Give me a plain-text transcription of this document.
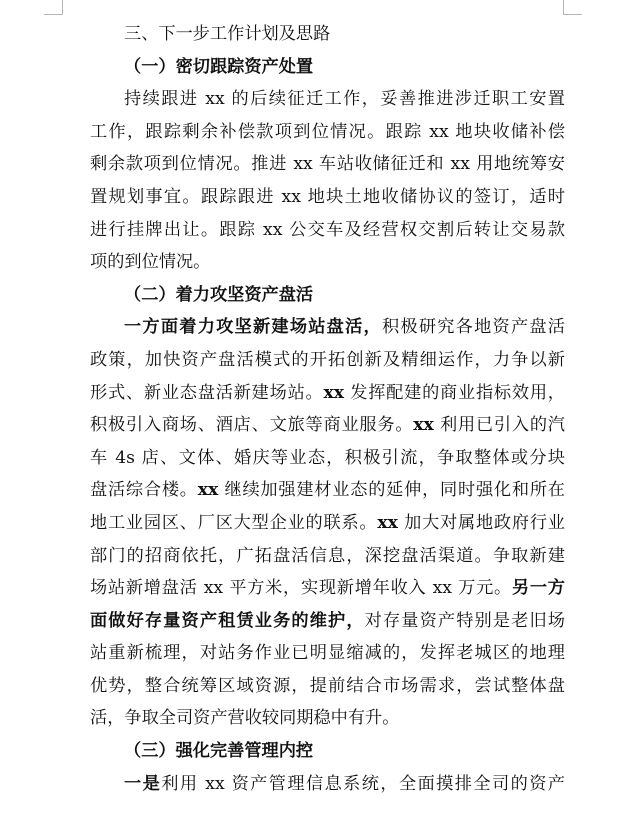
三、下一步工作计划及思路
（一）密切跟踪资产处置
持续跟进 xx 的后续征迁工作，妥善推进涉迁职工安置
工作，跟踪剩余补偿款项到位情况。跟踪 xx 地块收储补偿
剩余款项到位情况。推进 xx 车站收储征迁和 xx 用地统筹安
置规划事宜。跟踪跟进 xx 地块土地收储协议的签订，适时
进行挂牌出让。跟踪 xx 公交车及经营权交割后转让交易款
项的到位情况。
（二）着力攻坚资产盘活
一方面着力攻坚新建场站盘活，积极研究各地资产盘活
政策，加快资产盘活模式的开拓创新及精细运作，力争以新
形式、新业态盘活新建场站。xx 发挥配建的商业指标效用，
积极引入商场、酒店、文旅等商业服务。xx 利用已引入的汽
车 4s 店、文体、婚庆等业态，积极引流，争取整体或分块
盘活综合楼。xx 继续加强建材业态的延伸，同时强化和所在
地工业园区、厂区大型企业的联系。xx 加大对属地政府行业
部门的招商依托，广拓盘活信息，深挖盘活渠道。争取新建
场站新增盘活 xx 平方米，实现新增年收入 xx 万元。另一方
面做好存量资产租赁业务的维护，对存量资产特别是老旧场
站重新梳理，对站务作业已明显缩减的，发挥老城区的地理
优势，整合统筹区域资源，提前结合市场需求，尝试整体盘
活，争取全司资产营收较同期稳中有升。
（三）强化完善管理内控
一是利用 xx 资产管理信息系统，全面摸排全司的资产
